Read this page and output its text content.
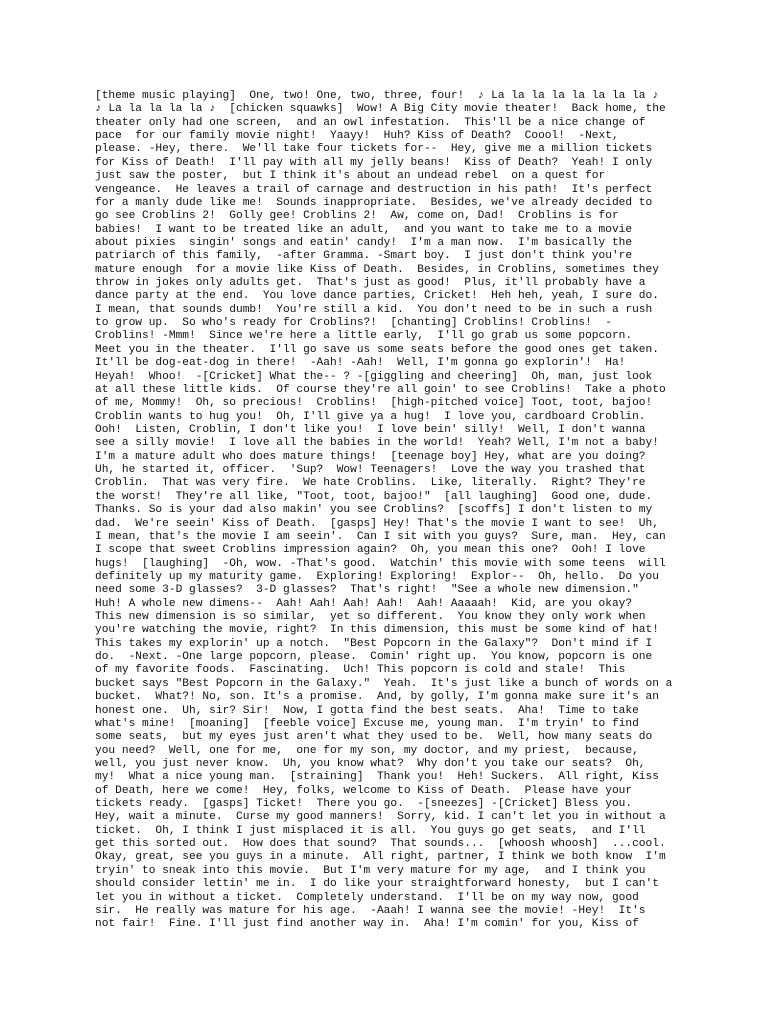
[theme music playing]  One, two! One, two, three, four!  ♪ La la la la la la la la ♪
♪ La la la la la ♪  [chicken squawks]  Wow! A Big City movie theater!  Back home, the
theater only had one screen,  and an owl infestation.  This'll be a nice change of
pace  for our family movie night!  Yaayy!  Huh? Kiss of Death?  Coool!  -Next,
please. -Hey, there.  We'll take four tickets for--  Hey, give me a million tickets
for Kiss of Death!  I'll pay with all my jelly beans!  Kiss of Death?  Yeah! I only
just saw the poster,  but I think it's about an undead rebel  on a quest for
vengeance.  He leaves a trail of carnage and destruction in his path!  It's perfect
for a manly dude like me!  Sounds inappropriate.  Besides, we've already decided to
go see Croblins 2!  Golly gee! Croblins 2!  Aw, come on, Dad!  Croblins is for
babies!  I want to be treated like an adult,  and you want to take me to a movie
about pixies  singin' songs and eatin' candy!  I'm a man now.  I'm basically the
patriarch of this family,  -after Gramma. -Smart boy.  I just don't think you're
mature enough  for a movie like Kiss of Death.  Besides, in Croblins, sometimes they
throw in jokes only adults get.  That's just as good!  Plus, it'll probably have a
dance party at the end.  You love dance parties, Cricket!  Heh heh, yeah, I sure do.
I mean, that sounds dumb!  You're still a kid.  You don't need to be in such a rush
to grow up.  So who's ready for Croblins?!  [chanting] Croblins! Croblins!  -
Croblins! -Mmm!  Since we're here a little early,  I'll go grab us some popcorn.
Meet you in the theater.  I'll go save us some seats before the good ones get taken.
It'll be dog-eat-dog in there!  -Aah! -Aah!  Well, I'm gonna go explorin'!  Ha!
Heyah!  Whoo!  -[Cricket] What the-- ? -[giggling and cheering]  Oh, man, just look
at all these little kids.  Of course they're all goin' to see Croblins!  Take a photo
of me, Mommy!  Oh, so precious!  Croblins!  [high-pitched voice] Toot, toot, bajoo!
Croblin wants to hug you!  Oh, I'll give ya a hug!  I love you, cardboard Croblin.
Ooh!  Listen, Croblin, I don't like you!  I love bein' silly!  Well, I don't wanna
see a silly movie!  I love all the babies in the world!  Yeah? Well, I'm not a baby!
I'm a mature adult who does mature things!  [teenage boy] Hey, what are you doing?
Uh, he started it, officer.  'Sup?  Wow! Teenagers!  Love the way you trashed that
Croblin.  That was very fire.  We hate Croblins.  Like, literally.  Right? They're
the worst!  They're all like, "Toot, toot, bajoo!"  [all laughing]  Good one, dude.
Thanks. So is your dad also makin' you see Croblins?  [scoffs] I don't listen to my
dad.  We're seein' Kiss of Death.  [gasps] Hey! That's the movie I want to see!  Uh,
I mean, that's the movie I am seein'.  Can I sit with you guys?  Sure, man.  Hey, can
I scope that sweet Croblins impression again?  Oh, you mean this one?  Ooh! I love
hugs!  [laughing]  -Oh, wow. -That's good.  Watchin' this movie with some teens  will
definitely up my maturity game.  Exploring! Exploring!  Explor--  Oh, hello.  Do you
need some 3-D glasses?  3-D glasses?  That's right!  "See a whole new dimension."
Huh! A whole new dimens--  Aah! Aah! Aah! Aah!  Aah! Aaaaah!  Kid, are you okay?
This new dimension is so similar,  yet so different.  You know they only work when
you're watching the movie, right?  In this dimension, this must be some kind of hat!
This takes my explorin' up a notch.  "Best Popcorn in the Galaxy"?  Don't mind if I
do.  -Next. -One large popcorn, please.  Comin' right up.  You know, popcorn is one
of my favorite foods.  Fascinating.  Uch! This popcorn is cold and stale!  This
bucket says "Best Popcorn in the Galaxy."  Yeah.  It's just like a bunch of words on a
bucket.  What?! No, son. It's a promise.  And, by golly, I'm gonna make sure it's an
honest one.  Uh, sir? Sir!  Now, I gotta find the best seats.  Aha!  Time to take
what's mine!  [moaning]  [feeble voice] Excuse me, young man.  I'm tryin' to find
some seats,  but my eyes just aren't what they used to be.  Well, how many seats do
you need?  Well, one for me,  one for my son, my doctor, and my priest,  because,
well, you just never know.  Uh, you know what?  Why don't you take our seats?  Oh,
my!  What a nice young man.  [straining]  Thank you!  Heh! Suckers.  All right, Kiss
of Death, here we come!  Hey, folks, welcome to Kiss of Death.  Please have your
tickets ready.  [gasps] Ticket!  There you go.  -[sneezes] -[Cricket] Bless you.
Hey, wait a minute.  Curse my good manners!  Sorry, kid. I can't let you in without a
ticket.  Oh, I think I just misplaced it is all.  You guys go get seats,  and I'll
get this sorted out.  How does that sound?  That sounds...  [whoosh whoosh]  ...cool.
Okay, great, see you guys in a minute.  All right, partner, I think we both know  I'm
tryin' to sneak into this movie.  But I'm very mature for my age,  and I think you
should consider lettin' me in.  I do like your straightforward honesty,  but I can't
let you in without a ticket.  Completely understand.  I'll be on my way now, good
sir.  He really was mature for his age.  -Aaah! I wanna see the movie! -Hey!  It's
not fair!  Fine. I'll just find another way in.  Aha! I'm comin' for you, Kiss of
